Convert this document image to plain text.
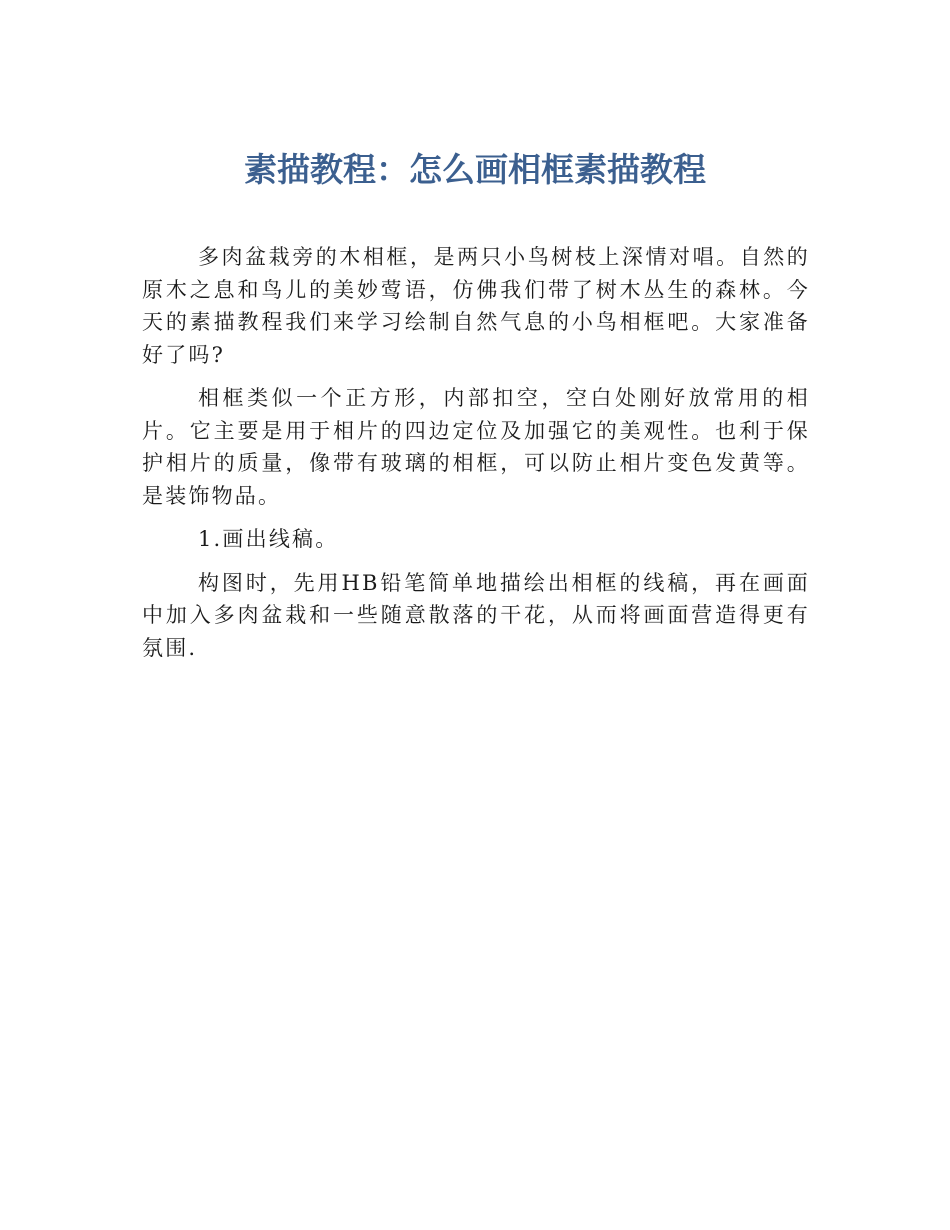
素描教程：怎么画相框素描教程

多肉盆栽旁的木相框，是两只小鸟树枝上深情对唱。自然的原木之息和鸟儿的美妙莺语，仿佛我们带了树木丛生的森林。今天的素描教程我们来学习绘制自然气息的小鸟相框吧。大家准备好了吗?

相框类似一个正方形，内部扣空，空白处刚好放常用的相片。它主要是用于相片的四边定位及加强它的美观性。也利于保护相片的质量，像带有玻璃的相框，可以防止相片变色发黄等。是装饰物品。

1.画出线稿。

构图时，先用HB铅笔简单地描绘出相框的线稿，再在画面中加入多肉盆栽和一些随意散落的干花，从而将画面营造得更有氛围.
